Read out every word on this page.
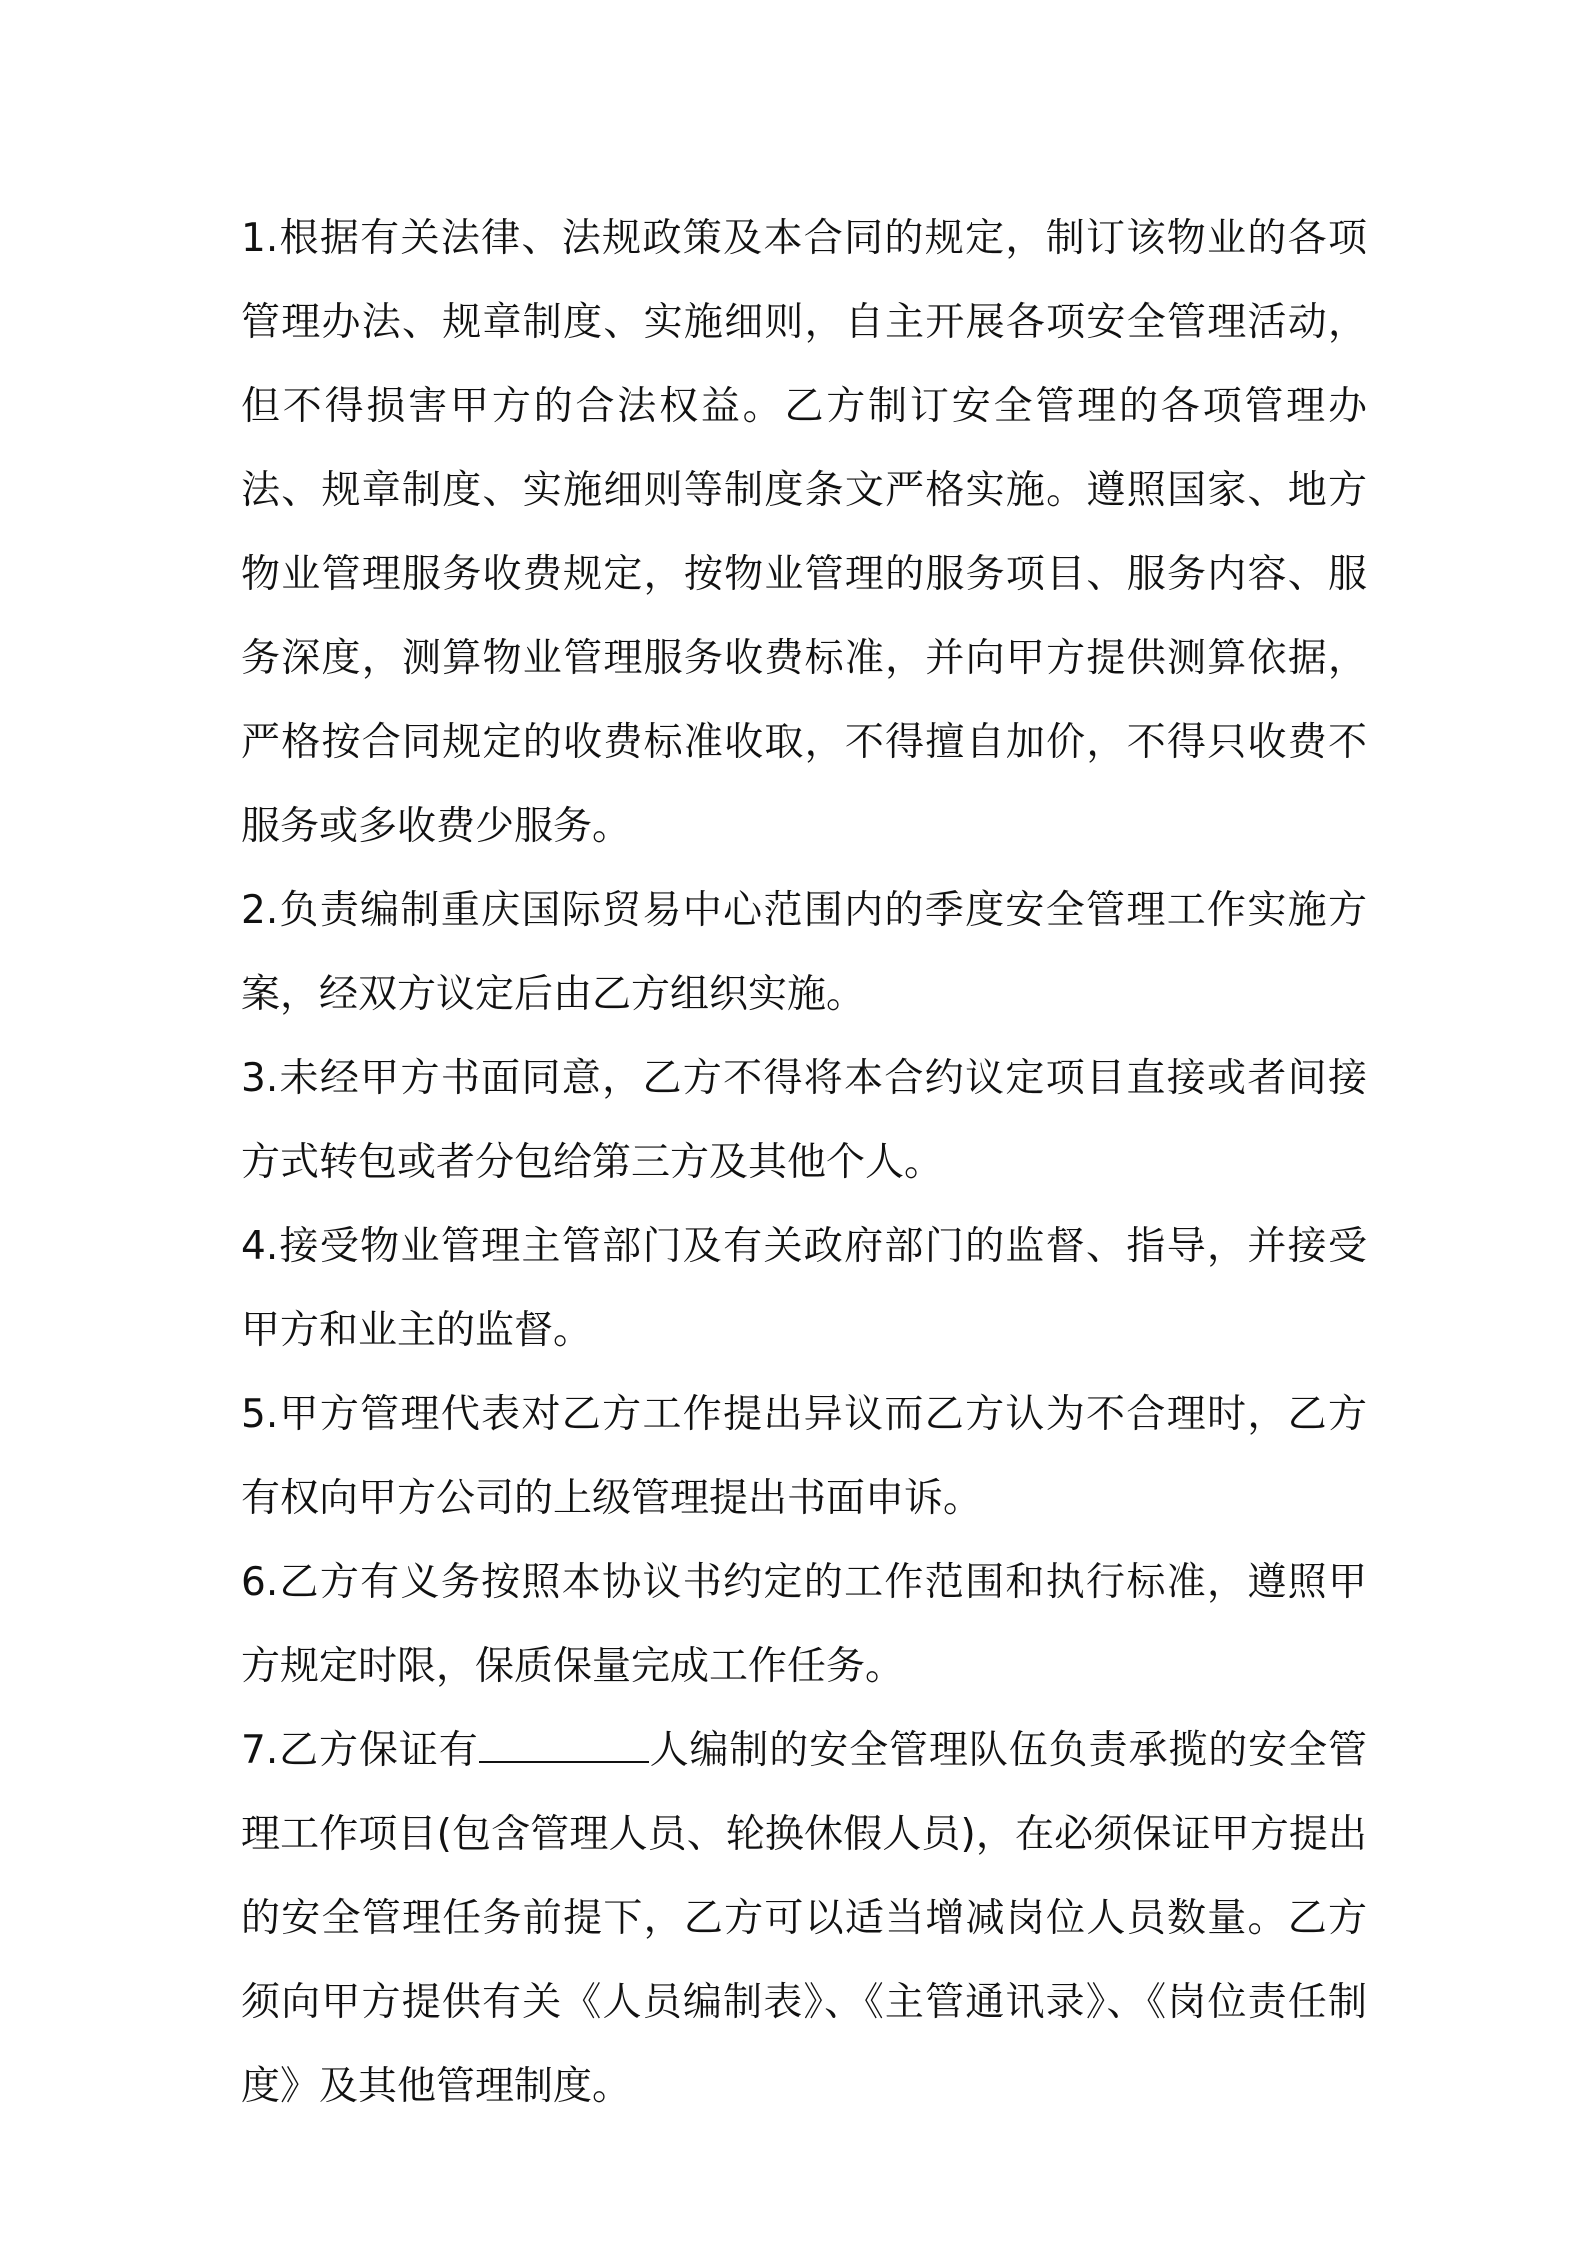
1.根据有关法律、法规政策及本合同的规定，制订该物业的各项管理办法、规章制度、实施细则，自主开展各项安全管理活动，但不得损害甲方的合法权益。乙方制订安全管理的各项管理办法、规章制度、实施细则等制度条文严格实施。遵照国家、地方物业管理服务收费规定，按物业管理的服务项目、服务内容、服务深度，测算物业管理服务收费标准，并向甲方提供测算依据，严格按合同规定的收费标准收取，不得擅自加价，不得只收费不服务或多收费少服务。

2.负责编制重庆国际贸易中心范围内的季度安全管理工作实施方案，经双方议定后由乙方组织实施。

3.未经甲方书面同意，乙方不得将本合约议定项目直接或者间接方式转包或者分包给第三方及其他个人。

4.接受物业管理主管部门及有关政府部门的监督、指导，并接受甲方和业主的监督。

5.甲方管理代表对乙方工作提出异议而乙方认为不合理时，乙方有权向甲方公司的上级管理提出书面申诉。

6.乙方有义务按照本协议书约定的工作范围和执行标准，遵照甲方规定时限，保质保量完成工作任务。

7.乙方保证有	人编制的安全管理队伍负责承揽的安全管理工作项目(包含管理人员、轮换休假人员)，在必须保证甲方提出的安全管理任务前提下，乙方可以适当增减岗位人员数量。乙方须向甲方提供有关《人员编制表》、《主管通讯录》、《岗位责任制度》及其他管理制度。
